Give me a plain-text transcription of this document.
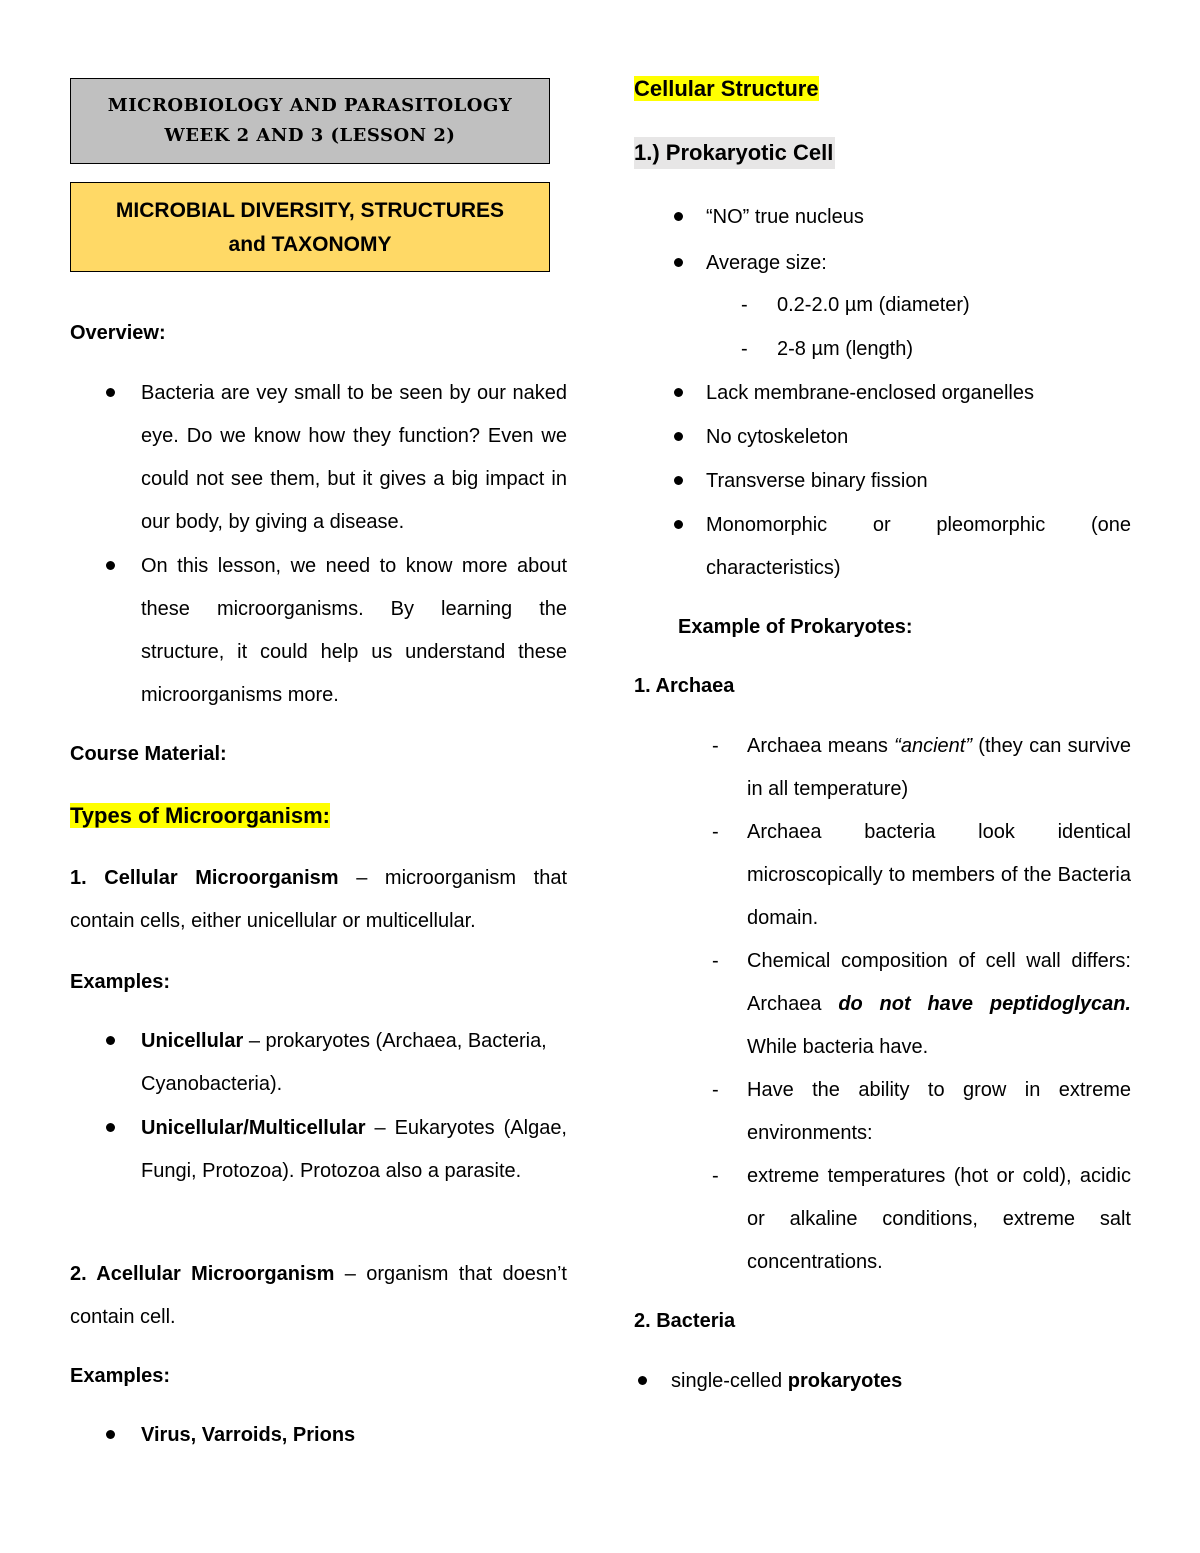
MICROBIOLOGY AND PARASITOLOGY
WEEK 2 AND 3 (LESSON 2)
MICROBIAL DIVERSITY, STRUCTURES
and TAXONOMY
Overview:
Bacteria are vey small to be seen by our naked eye. Do we know how they function? Even we could not see them, but it gives a big impact in our body, by giving a disease.
On this lesson, we need to know more about these microorganisms. By learning the structure, it could help us understand these microorganisms more.
Course Material:
Types of Microorganism:
1. Cellular Microorganism – microorganism that contain cells, either unicellular or multicellular.
Examples:
Unicellular – prokaryotes (Archaea, Bacteria, Cyanobacteria).
Unicellular/Multicellular – Eukaryotes (Algae, Fungi, Protozoa). Protozoa also a parasite.
2. Acellular Microorganism – organism that doesn’t contain cell.
Examples:
Virus, Varroids, Prions
Cellular Structure
1.) Prokaryotic Cell
“NO” true nucleus
Average size:
- 0.2-2.0 µm (diameter)
- 2-8 µm (length)
Lack membrane-enclosed organelles
No cytoskeleton
Transverse binary fission
Monomorphic or pleomorphic (one characteristics)
Example of Prokaryotes:
1. Archaea
- Archaea means “ancient” (they can survive in all temperature)
- Archaea bacteria look identical microscopically to members of the Bacteria domain.
- Chemical composition of cell wall differs: Archaea do not have peptidoglycan. While bacteria have.
- Have the ability to grow in extreme environments:
- extreme temperatures (hot or cold), acidic or alkaline conditions, extreme salt concentrations.
2. Bacteria
single-celled prokaryotes
